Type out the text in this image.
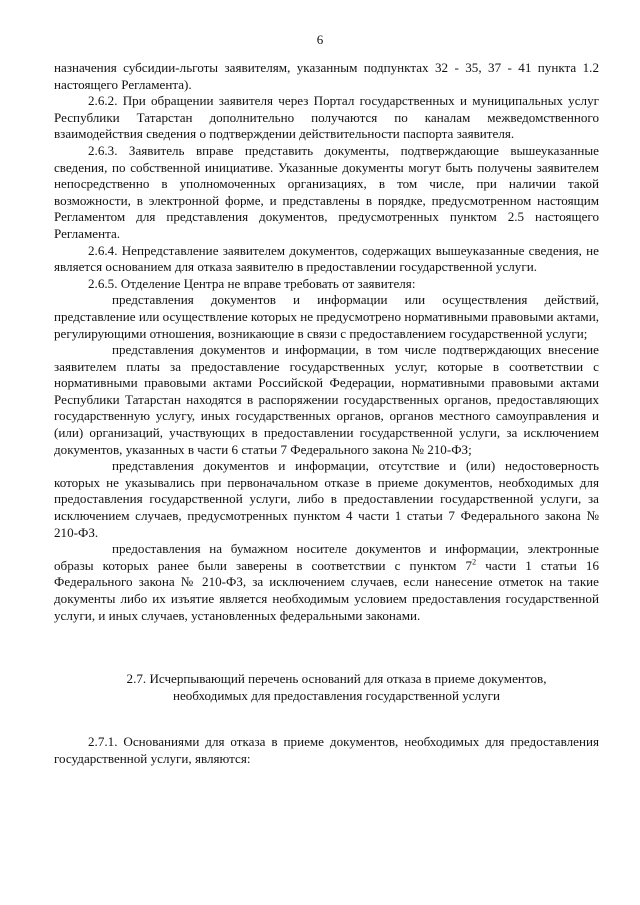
6

назначения субсидии-льготы заявителям, указанным подпунктах 32 - 35, 37 - 41 пункта 1.2 настоящего Регламента).

2.6.2. При обращении заявителя через Портал государственных и муниципальных услуг Республики Татарстан дополнительно получаются по каналам межведомственного взаимодействия сведения о подтверждении действительности паспорта заявителя.

2.6.3. Заявитель вправе представить документы, подтверждающие вышеуказанные сведения, по собственной инициативе. Указанные документы могут быть получены заявителем непосредственно в уполномоченных организациях, в том числе, при наличии такой возможности, в электронной форме, и представлены в порядке, предусмотренном настоящим Регламентом для представления документов, предусмотренных пунктом 2.5 настоящего Регламента.

2.6.4. Непредставление заявителем документов, содержащих вышеуказанные сведения, не является основанием для отказа заявителю в предоставлении государственной услуги.

2.6.5. Отделение Центра не вправе требовать от заявителя:

представления документов и информации или осуществления действий, представление или осуществление которых не предусмотрено нормативными правовыми актами, регулирующими отношения, возникающие в связи с предоставлением государственной услуги;

представления документов и информации, в том числе подтверждающих внесение заявителем платы за предоставление государственных услуг, которые в соответствии с нормативными правовыми актами Российской Федерации, нормативными правовыми актами Республики Татарстан находятся в распоряжении государственных органов, предоставляющих государственную услугу, иных государственных органов, органов местного самоуправления и (или) организаций, участвующих в предоставлении государственной услуги, за исключением документов, указанных в части 6 статьи 7 Федерального закона № 210-ФЗ;

представления документов и информации, отсутствие и (или) недостоверность которых не указывались при первоначальном отказе в приеме документов, необходимых для предоставления государственной услуги, либо в предоставлении государственной услуги, за исключением случаев, предусмотренных пунктом 4 части 1 статьи 7 Федерального закона № 210-ФЗ.

предоставления на бумажном носителе документов и информации, электронные образы которых ранее были заверены в соответствии с пунктом $7^2$ части 1 статьи 16 Федерального закона № 210-ФЗ, за исключением случаев, если нанесение отметок на такие документы либо их изъятие является необходимым условием предоставления государственной услуги, и иных случаев, установленных федеральными законами.

2.7. Исчерпывающий перечень оснований для отказа в приеме документов,
необходимых для предоставления государственной услуги

2.7.1. Основаниями для отказа в приеме документов, необходимых для предоставления государственной услуги, являются:
